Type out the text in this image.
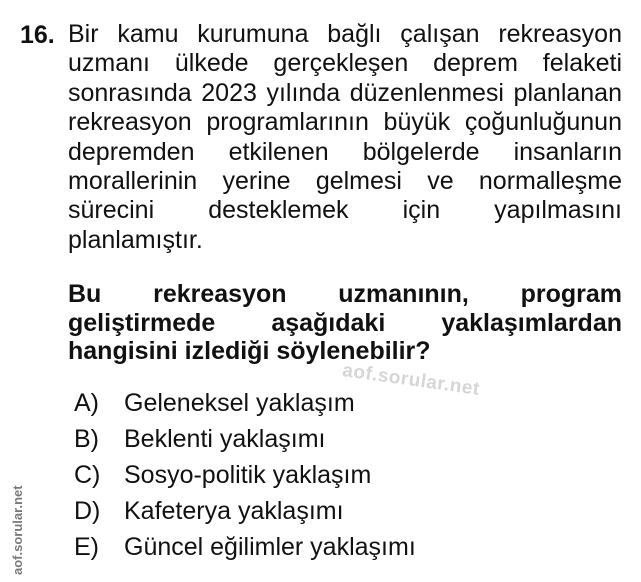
16. Bir kamu kurumuna bağlı çalışan rekreasyon
uzmanı ülkede gerçekleşen deprem felaketi
sonrasında 2023 yılında düzenlenmesi planlanan
rekreasyon programlarının büyük çoğunluğunun
depremden etkilenen bölgelerde insanların
morallerinin yerine gelmesi ve normalleşme
sürecini desteklemek için yapılmasını
planlamıştır.
Bu rekreasyon uzmanının, program
geliştirmede aşağıdaki yaklaşımlardan
hangisini izlediği söylenebilir?
A)	Geleneksel yaklaşım
B)	Beklenti yaklaşımı
C) Sosyo-politik yaklaşım
D) Kafeterya yaklaşımı
E)	Güncel eğilimler yaklaşımı
aof.sorular.net
aof.sorular.net
